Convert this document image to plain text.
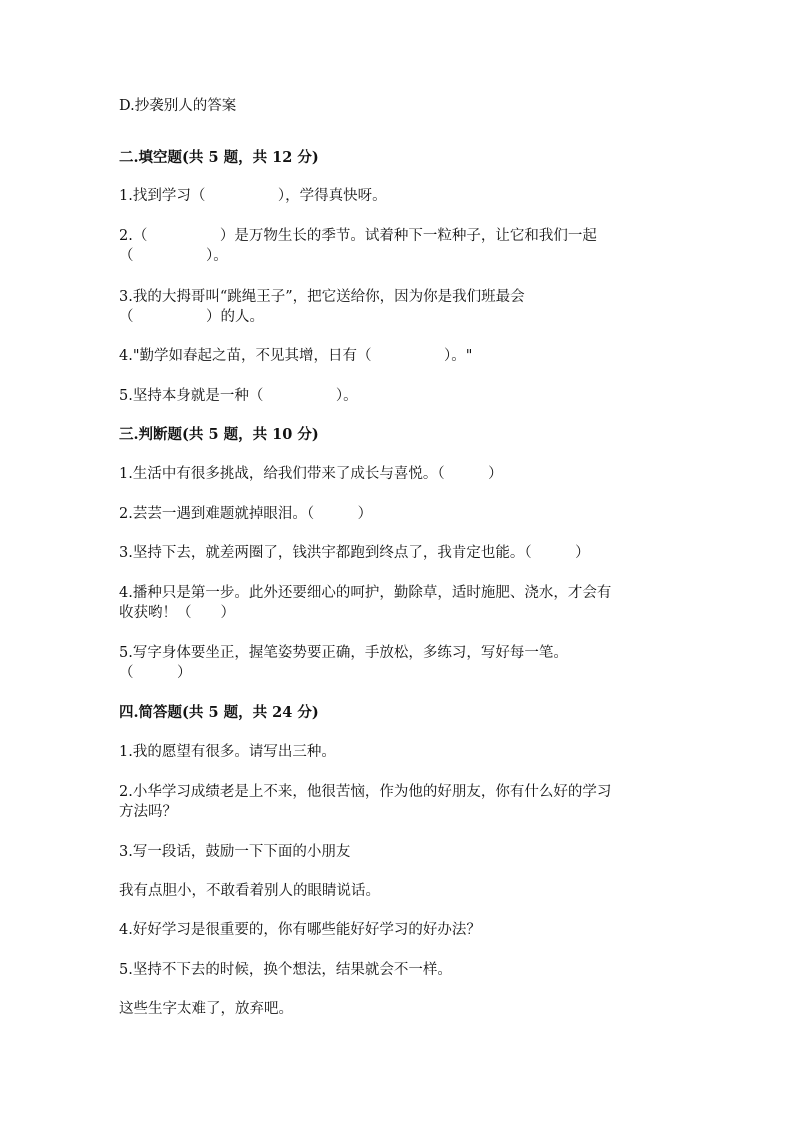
D.抄袭别人的答案

二.填空题(共 5 题，共 12 分)

1.找到学习（　　　　　），学得真快呀。

2.（　　　　　）是万物生长的季节。试着种下一粒种子，让它和我们一起

（　　　　　）。

3.我的大拇哥叫“跳绳王子”，把它送给你，因为你是我们班最会

（　　　　　）的人。

4."勤学如春起之苗，不见其增，日有（　　　　　）。"

5.坚持本身就是一种（　　　　　）。

三.判断题(共 5 题，共 10 分)

1.生活中有很多挑战，给我们带来了成长与喜悦。（　　　）

2.芸芸一遇到难题就掉眼泪。（　　　）

3.坚持下去，就差两圈了，钱洪宇都跑到终点了，我肯定也能。（　　　）

4.播种只是第一步。此外还要细心的呵护，勤除草，适时施肥、浇水，才会有

收获哟！（　　）

5.写字身体要坐正，握笔姿势要正确，手放松，多练习，写好每一笔。

（　　　）

四.简答题(共 5 题，共 24 分)

1.我的愿望有很多。请写出三种。

2.小华学习成绩老是上不来，他很苦恼，作为他的好朋友，你有什么好的学习

方法吗？

3.写一段话，鼓励一下下面的小朋友

我有点胆小，不敢看着别人的眼睛说话。

4.好好学习是很重要的，你有哪些能好好学习的好办法？

5.坚持不下去的时候，换个想法，结果就会不一样。

这些生字太难了，放弃吧。
